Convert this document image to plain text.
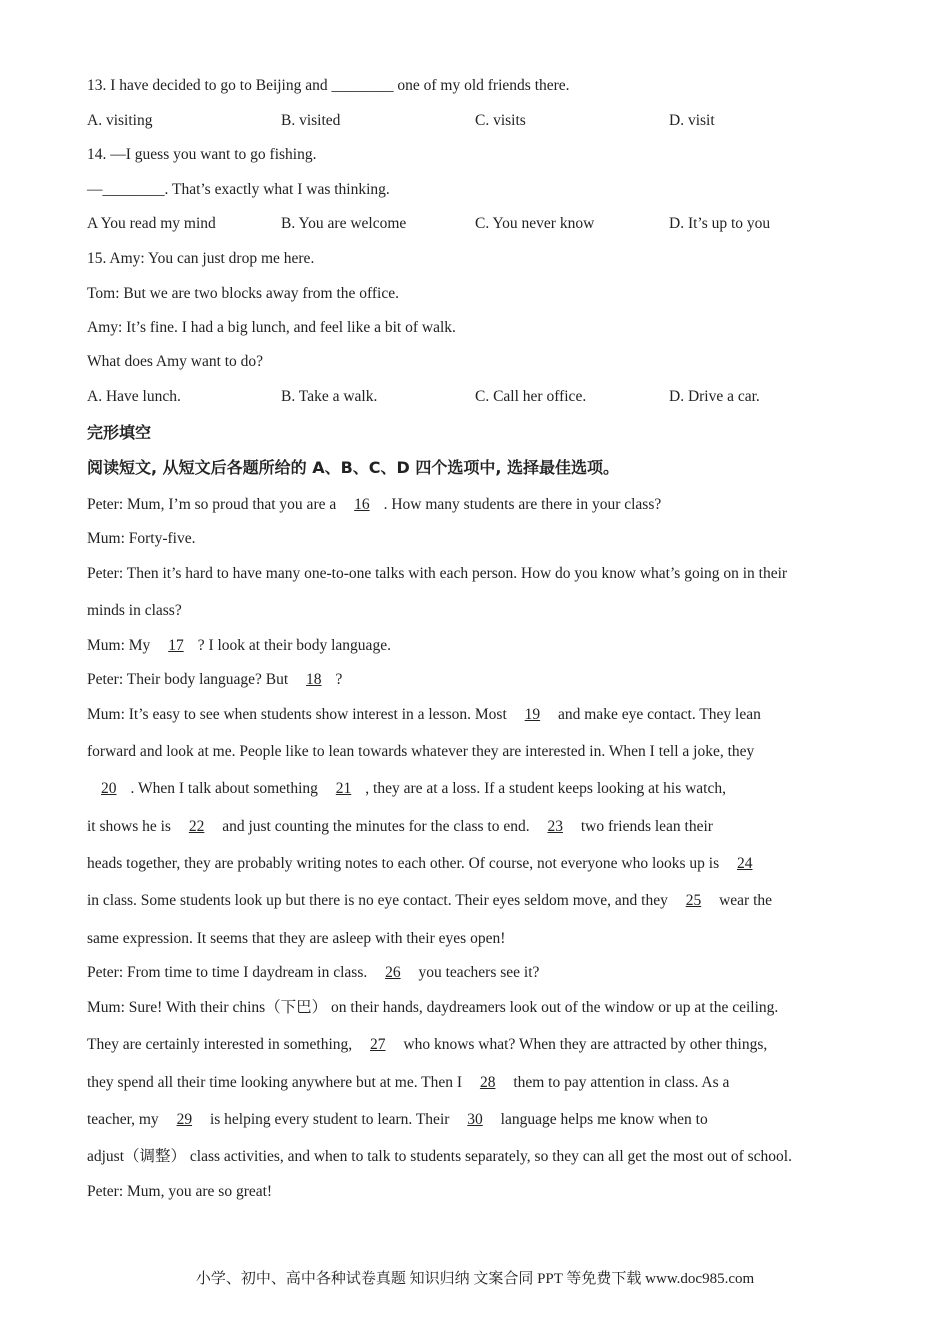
13. I have decided to go to Beijing and ________ one of my old friends there.
A. visiting	B. visited	C. visits	D. visit
14. —I guess you want to go fishing.
—________. That’s exactly what I was thinking.
A You read my mind	B. You are welcome	C. You never know	D. It’s up to you
15. Amy: You can just drop me here.
Tom: But we are two blocks away from the office.
Amy: It’s fine. I had a big lunch, and feel like a bit of walk.
What does Amy want to do?
A. Have lunch.	B. Take a walk.	C. Call her office.	D. Drive a car.
完形填空
阅读短文, 从短文后各题所给的 A、B、C、D 四个选项中, 选择最佳选项。
Peter: Mum, I’m so proud that you are a 16 . How many students are there in your class?
Mum: Forty-five.
Peter: Then it’s hard to have many one-to-one talks with each person. How do you know what’s going on in their
minds in class?
Mum: My 17 ? I look at their body language.
Peter: Their body language? But 18 ?
Mum: It’s easy to see when students show interest in a lesson. Most 19 and make eye contact. They lean
forward and look at me. People like to lean towards whatever they are interested in. When I tell a joke, they
20 . When I talk about something 21 , they are at a loss. If a student keeps looking at his watch,
it shows he is 22 and just counting the minutes for the class to end. 23 two friends lean their
heads together, they are probably writing notes to each other. Of course, not everyone who looks up is 24
in class. Some students look up but there is no eye contact. Their eyes seldom move, and they 25 wear the
same expression. It seems that they are asleep with their eyes open!
Peter: From time to time I daydream in class. 26 you teachers see it?
Mum: Sure! With their chins（下巴） on their hands, daydreamers look out of the window or up at the ceiling.
They are certainly interested in something, 27 who knows what? When they are attracted by other things,
they spend all their time looking anywhere but at me. Then I 28 them to pay attention in class. As a
teacher, my 29 is helping every student to learn. Their 30 language helps me know when to
adjust（调整） class activities, and when to talk to students separately, so they can all get the most out of school.
Peter: Mum, you are so great!
小学、初中、高中各种试卷真题 知识归纳 文案合同 PPT 等免费下载 www.doc985.com
